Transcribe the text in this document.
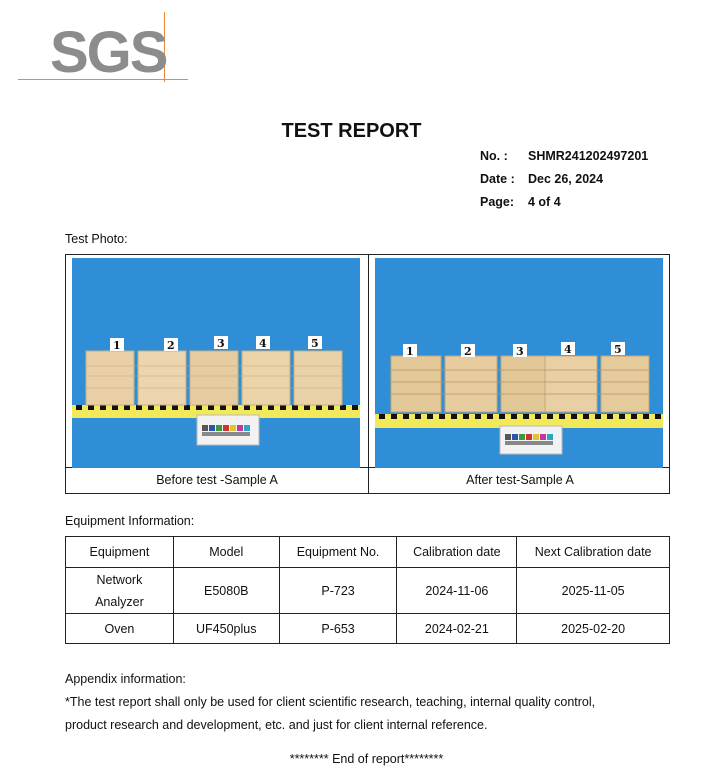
SGS
TEST REPORT
No. :	SHMR241202497201
Date :	Dec 26, 2024
Page:	4 of 4
Test Photo:
1	2	3	4	5
1	2	3	4	5
Before test -Sample A	After test-Sample A
Equipment Information:
Equipment	Model	Equipment No.	Calibration date	Next Calibration date
Network
Analyzer	E5080B	P-723	2024-11-06	2025-11-05
Oven	UF450plus	P-653	2024-02-21	2025-02-20
Appendix information:
*The test report shall only be used for client scientific research, teaching, internal quality control,
product research and development, etc. and just for client internal reference.
******** End of report********
